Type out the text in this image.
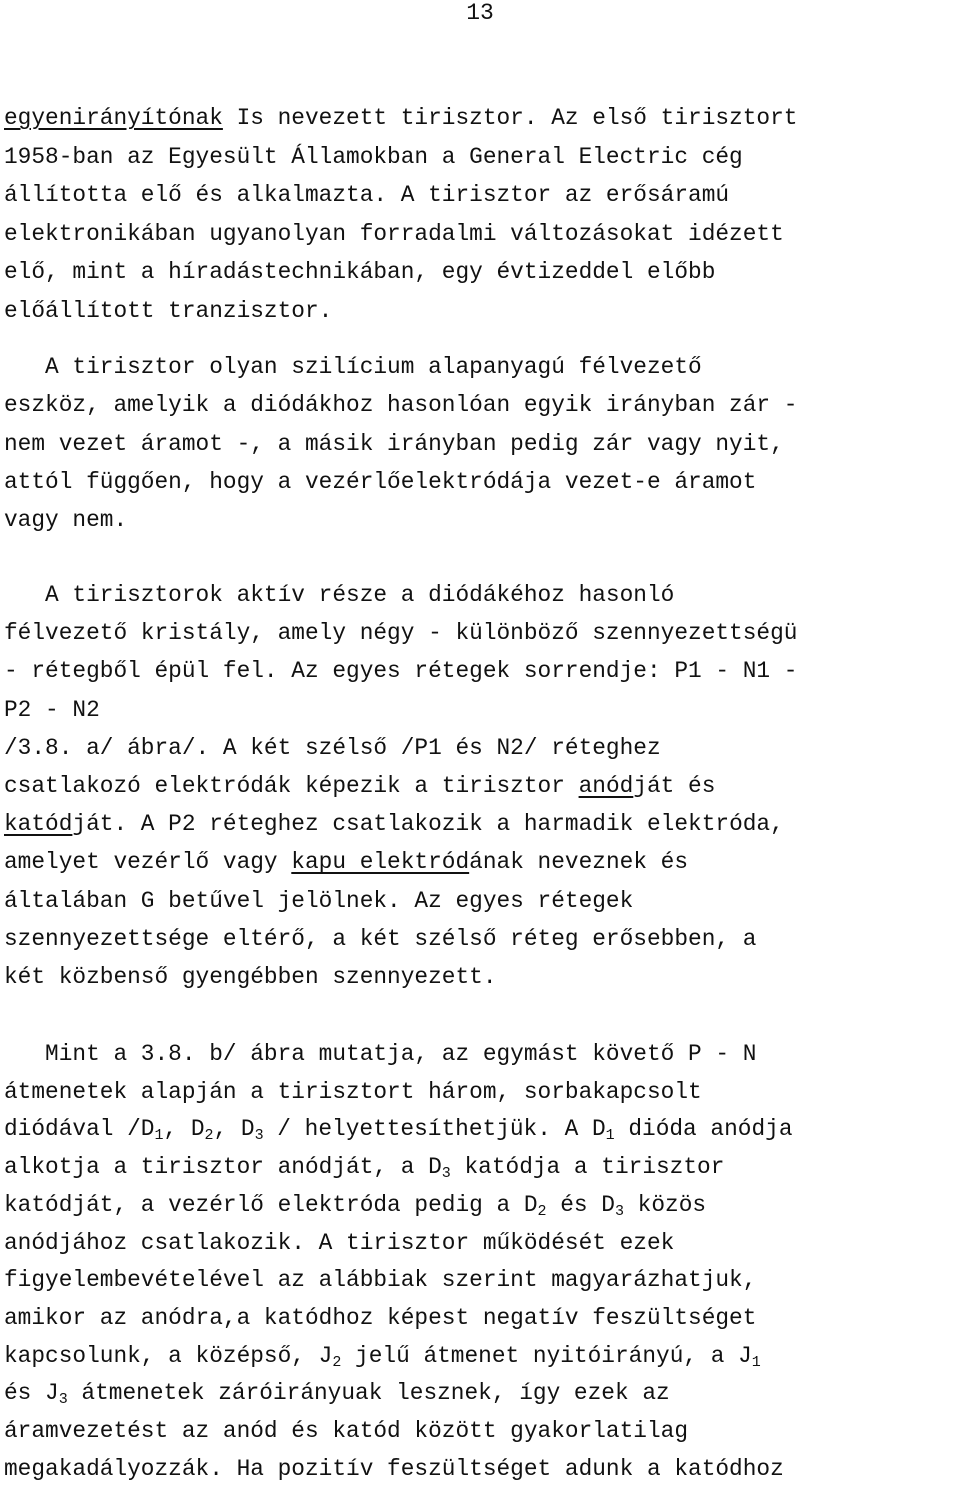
13

egyenirányítónak Is nevezett tirisztor. Az első tirisztort
1958-ban az Egyesült Államokban a General Electric cég
állította elő és alkalmazta. A tirisztor az erősáramú
elektronikában ugyanolyan forradalmi változásokat idézett
elő, mint a híradástechnikában, egy évtizeddel előbb
előállított tranzisztor.

A tirisztor olyan szilícium alapanyagú félvezető
eszköz, amelyik a diódákhoz hasonlóan egyik irányban zár -
nem vezet áramot -, a másik irányban pedig zár vagy nyit,
attól függően, hogy a vezérlőelektródája vezet-e áramot
vagy nem.

A tirisztorok aktív része a diódákéhoz hasonló
félvezető kristály, amely négy - különböző szennyezettségü
- rétegből épül fel. Az egyes rétegek sorrendje: P1 - N1 -
P2 - N2
/3.8. a/ ábra/. A két szélső /P1 és N2/ réteghez
csatlakozó elektródák képezik a tirisztor anódját és
katódját. A P2 réteghez csatlakozik a harmadik elektróda,
amelyet vezérlő vagy kapu elektródának neveznek és
általában G betűvel jelölnek. Az egyes rétegek
szennyezettsége eltérő, a két szélső réteg erősebben, a
két közbenső gyengébben szennyezett.

Mint a 3.8. b/ ábra mutatja, az egymást követő P - N
átmenetek alapján a tirisztort három, sorbakapcsolt
diódával $/D_1$, $D_2$, $D_3$ / helyettesíthetjük. A $D_1$ dióda anódja
alkotja a tirisztor anódját, a $D_3$ katódja a tirisztor
katódját, a vezérlő elektróda pedig a $D_2$ és $D_3$ közös
anódjához csatlakozik. A tirisztor működését ezek
figyelembevételével az alábbiak szerint magyarázhatjuk,
amikor az anódra,a katódhoz képest negatív feszültséget
kapcsolunk, a középső, $J_2$ jelű átmenet nyitóirányú, a $J_1$
és $J_3$ átmenetek záróirányuak lesznek, így ezek az
áramvezetést az anód és katód között gyakorlatilag
megakadályozzák. Ha pozitív feszültséget adunk a katódhoz
